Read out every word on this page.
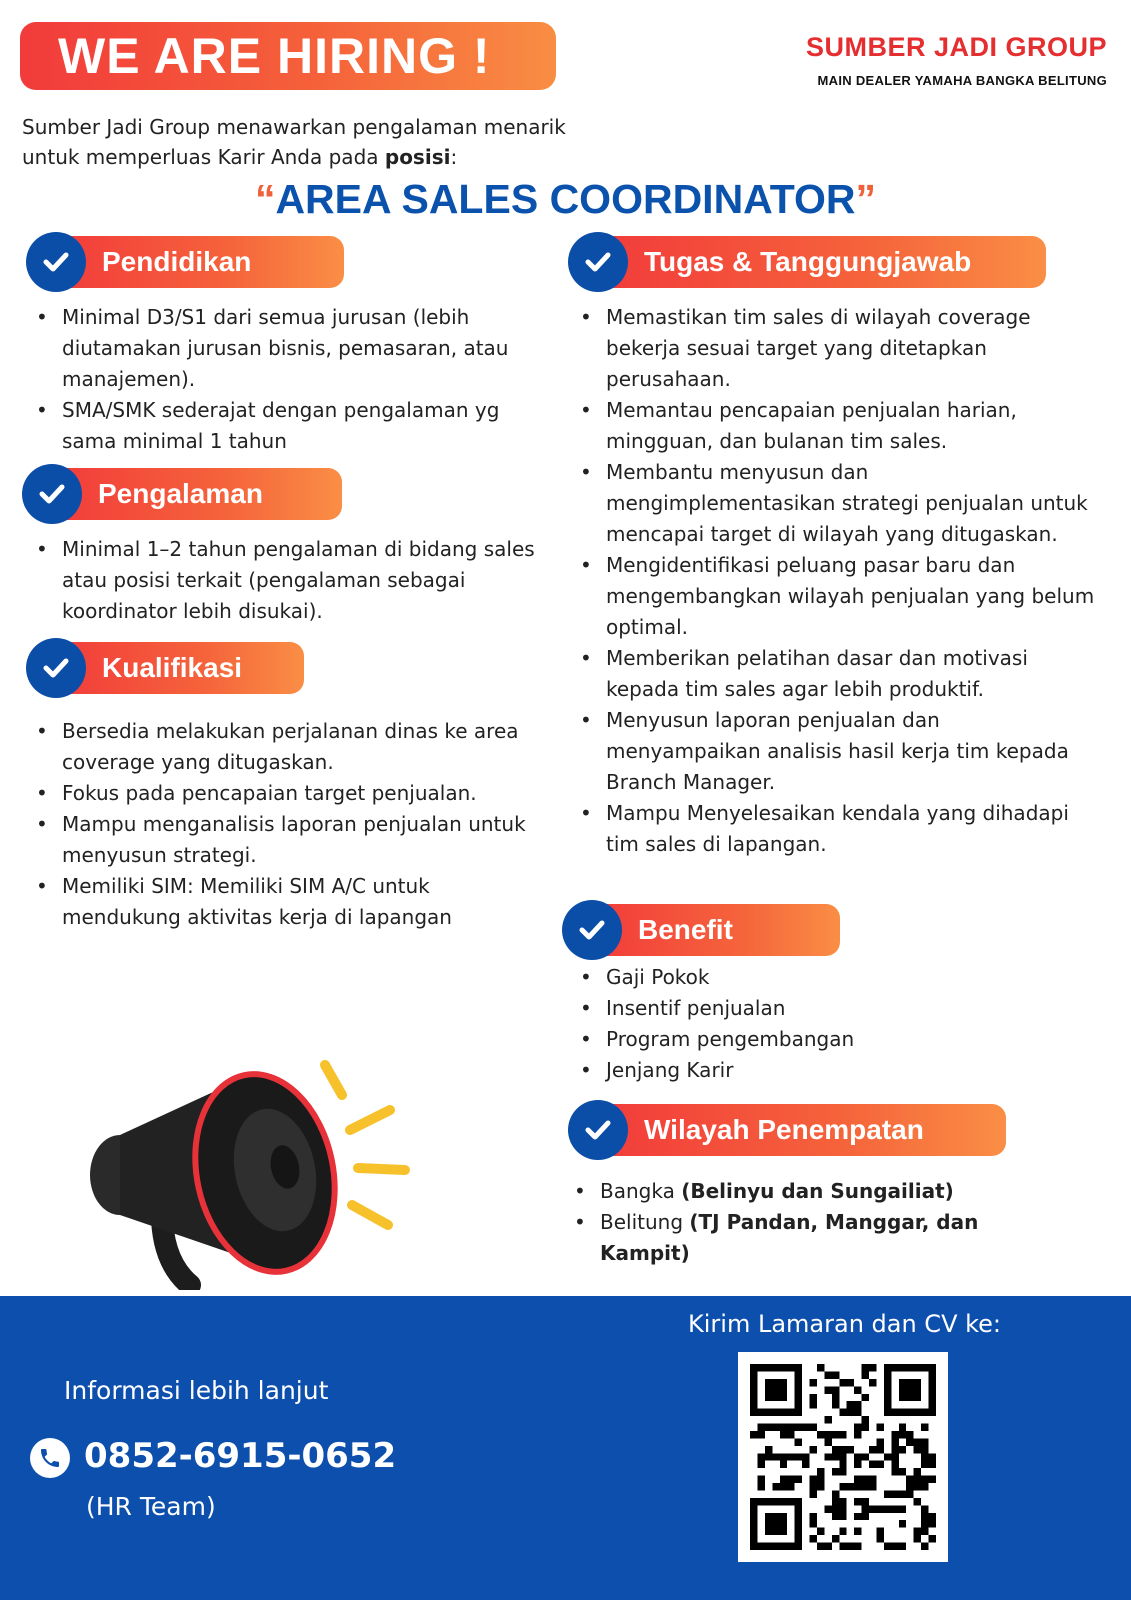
WE ARE HIRING !	SUMBER JADI GROUP
MAIN DEALER YAMAHA BANGKA BELITUNG
Sumber Jadi Group menawarkan pengalaman menarik
untuk memperluas Karir Anda pada posisi:
“AREA SALES COORDINATOR”
Pendidikan
• Minimal D3/S1 dari semua jurusan (lebih diutamakan jurusan bisnis, pemasaran, atau manajemen).
• SMA/SMK sederajat dengan pengalaman yg sama minimal 1 tahun
Pengalaman
• Minimal 1–2 tahun pengalaman di bidang sales atau posisi terkait (pengalaman sebagai koordinator lebih disukai).
Kualifikasi
• Bersedia melakukan perjalanan dinas ke area coverage yang ditugaskan.
• Fokus pada pencapaian target penjualan.
• Mampu menganalisis laporan penjualan untuk menyusun strategi.
• Memiliki SIM: Memiliki SIM A/C untuk mendukung aktivitas kerja di lapangan
Tugas & Tanggungjawab
• Memastikan tim sales di wilayah coverage bekerja sesuai target yang ditetapkan perusahaan.
• Memantau pencapaian penjualan harian, mingguan, dan bulanan tim sales.
• Membantu menyusun dan mengimplementasikan strategi penjualan untuk mencapai target di wilayah yang ditugaskan.
• Mengidentifikasi peluang pasar baru dan mengembangkan wilayah penjualan yang belum optimal.
• Memberikan pelatihan dasar dan motivasi kepada tim sales agar lebih produktif.
• Menyusun laporan penjualan dan menyampaikan analisis hasil kerja tim kepada Branch Manager.
• Mampu Menyelesaikan kendala yang dihadapi tim sales di lapangan.
Benefit
• Gaji Pokok
• Insentif penjualan
• Program pengembangan
• Jenjang Karir
Wilayah Penempatan
• Bangka (Belinyu dan Sungailiat)
• Belitung (TJ Pandan, Manggar, dan Kampit)
Kirim Lamaran dan CV ke:
Informasi lebih lanjut
0852-6915-0652
(HR Team)
